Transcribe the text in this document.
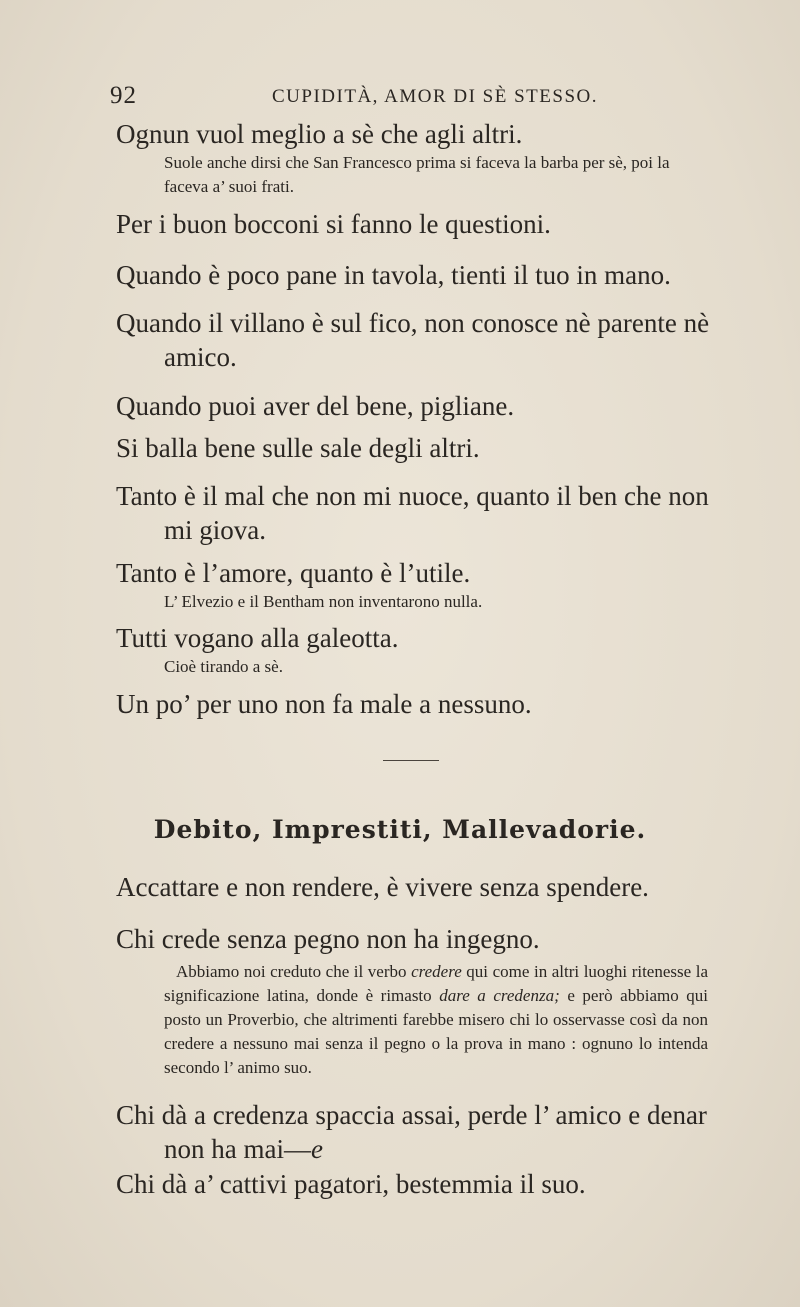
92	CUPIDITÀ, AMOR DI SÈ STESSO.

Ognun vuol meglio a sè che agli altri.

Suole anche dirsi che San Francesco prima si faceva la barba per sè, poi la faceva a’ suoi frati.

Per i buon bocconi si fanno le questioni.

Quando è poco pane in tavola, tienti il tuo in mano.

Quando il villano è sul fico, non conosce nè parente nè amico.

Quando puoi aver del bene, pigliane.

Si balla bene sulle sale degli altri.

Tanto è il mal che non mi nuoce, quanto il ben che non mi giova.

Tanto è l’amore, quanto è l’utile.

L’ Elvezio e il Bentham non inventarono nulla.

Tutti vogano alla galeotta.

Cioè tirando a sè.

Un po’ per uno non fa male a nessuno.

Debito, Imprestiti, Mallevadorie.

Accattare e non rendere, è vivere senza spendere.

Chi crede senza pegno non ha ingegno.

Abbiamo noi creduto che il verbo credere qui come in altri luoghi ritenesse la significazione latina, donde è rimasto dare a credenza; e però abbiamo qui posto un Proverbio, che altrimenti farebbe misero chi lo osservasse così da non credere a nessuno mai senza il pegno o la prova in mano : ognuno lo intenda secondo l’ animo suo.

Chi dà a credenza spaccia assai, perde l’ amico e denar non ha mai—e

Chi dà a’ cattivi pagatori, bestemmia il suo.
